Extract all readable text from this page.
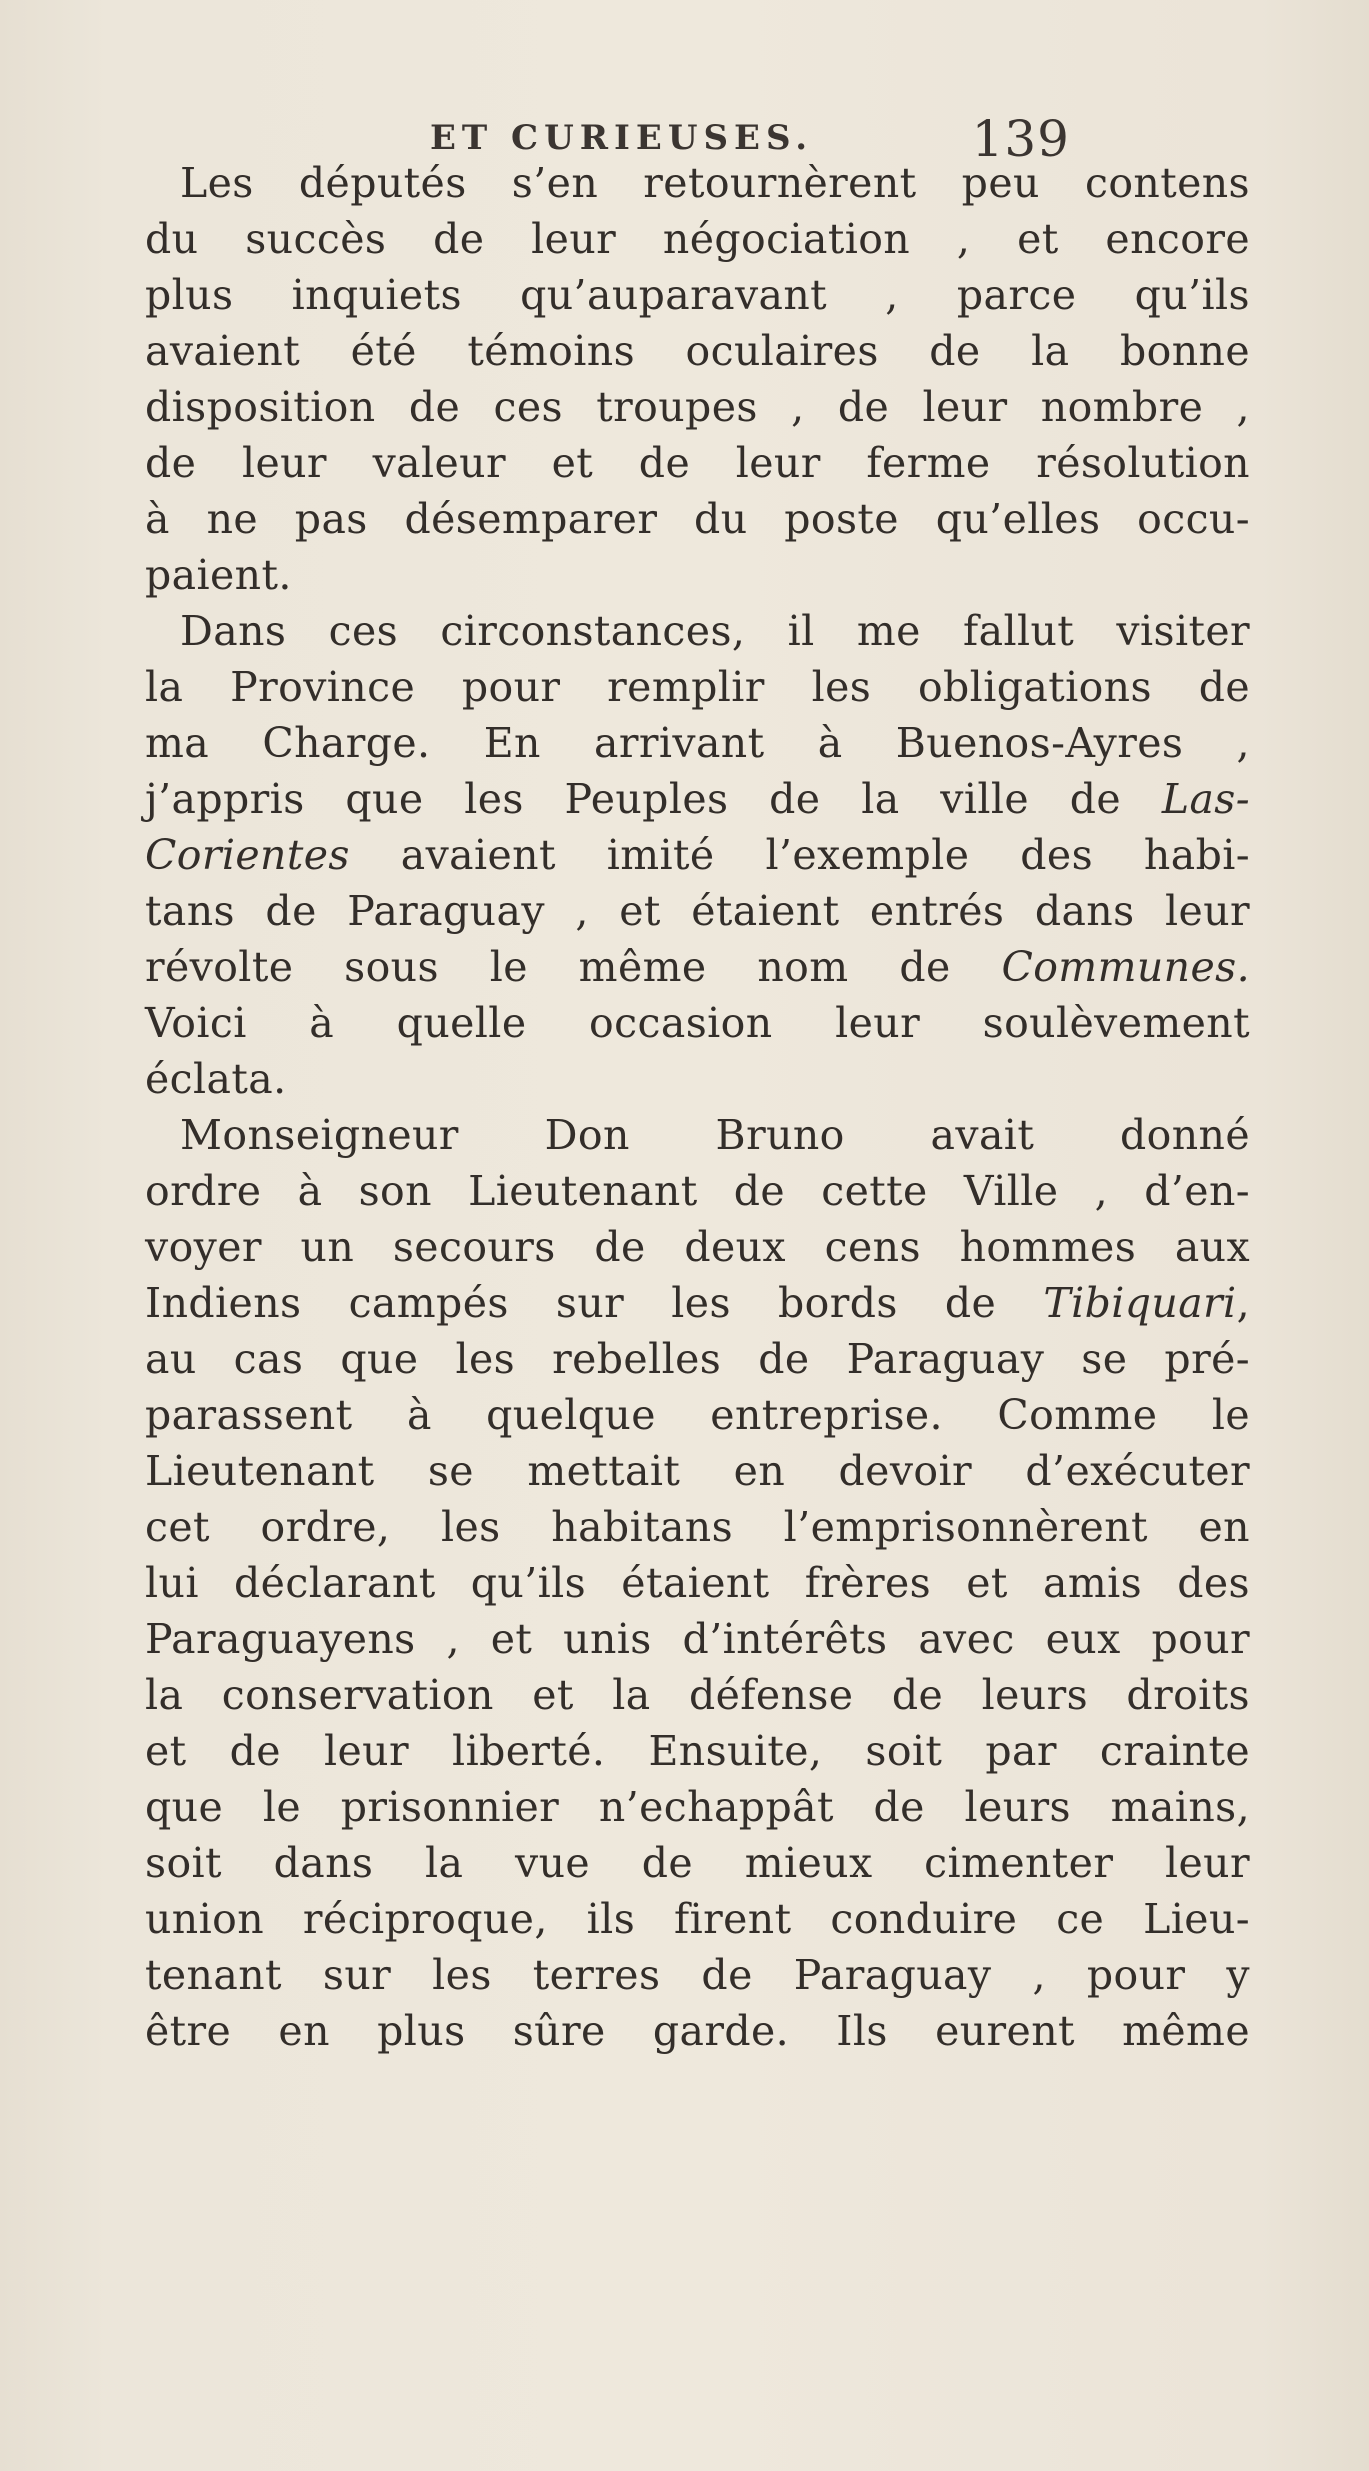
ET CURIEUSES.	139
Les députés s’en retournèrent peu contens
du succès de leur négociation , et encore
plus inquiets qu’auparavant , parce qu’ils
avaient été témoins oculaires de la bonne
disposition de ces troupes , de leur nombre ,
de leur valeur et de leur ferme résolution
à ne pas désemparer du poste qu’elles occu-
paient.
Dans ces circonstances, il me fallut visiter
la Province pour remplir les obligations de
ma Charge. En arrivant à Buenos-Ayres ,
j’appris que les Peuples de la ville de Las-
Corientes avaient imité l’exemple des habi-
tans de Paraguay , et étaient entrés dans leur
révolte sous le même nom de Communes.
Voici à quelle occasion leur soulèvement
éclata.
Monseigneur Don Bruno avait donné
ordre à son Lieutenant de cette Ville , d’en-
voyer un secours de deux cens hommes aux
Indiens campés sur les bords de Tibiquari,
au cas que les rebelles de Paraguay se pré-
parassent à quelque entreprise. Comme le
Lieutenant se mettait en devoir d’exécuter
cet ordre, les habitans l’emprisonnèrent en
lui déclarant qu’ils étaient frères et amis des
Paraguayens , et unis d’intérêts avec eux pour
la conservation et la défense de leurs droits
et de leur liberté. Ensuite, soit par crainte
que le prisonnier n’echappât de leurs mains,
soit dans la vue de mieux cimenter leur
union réciproque, ils firent conduire ce Lieu-
tenant sur les terres de Paraguay , pour y
être en plus sûre garde. Ils eurent même
